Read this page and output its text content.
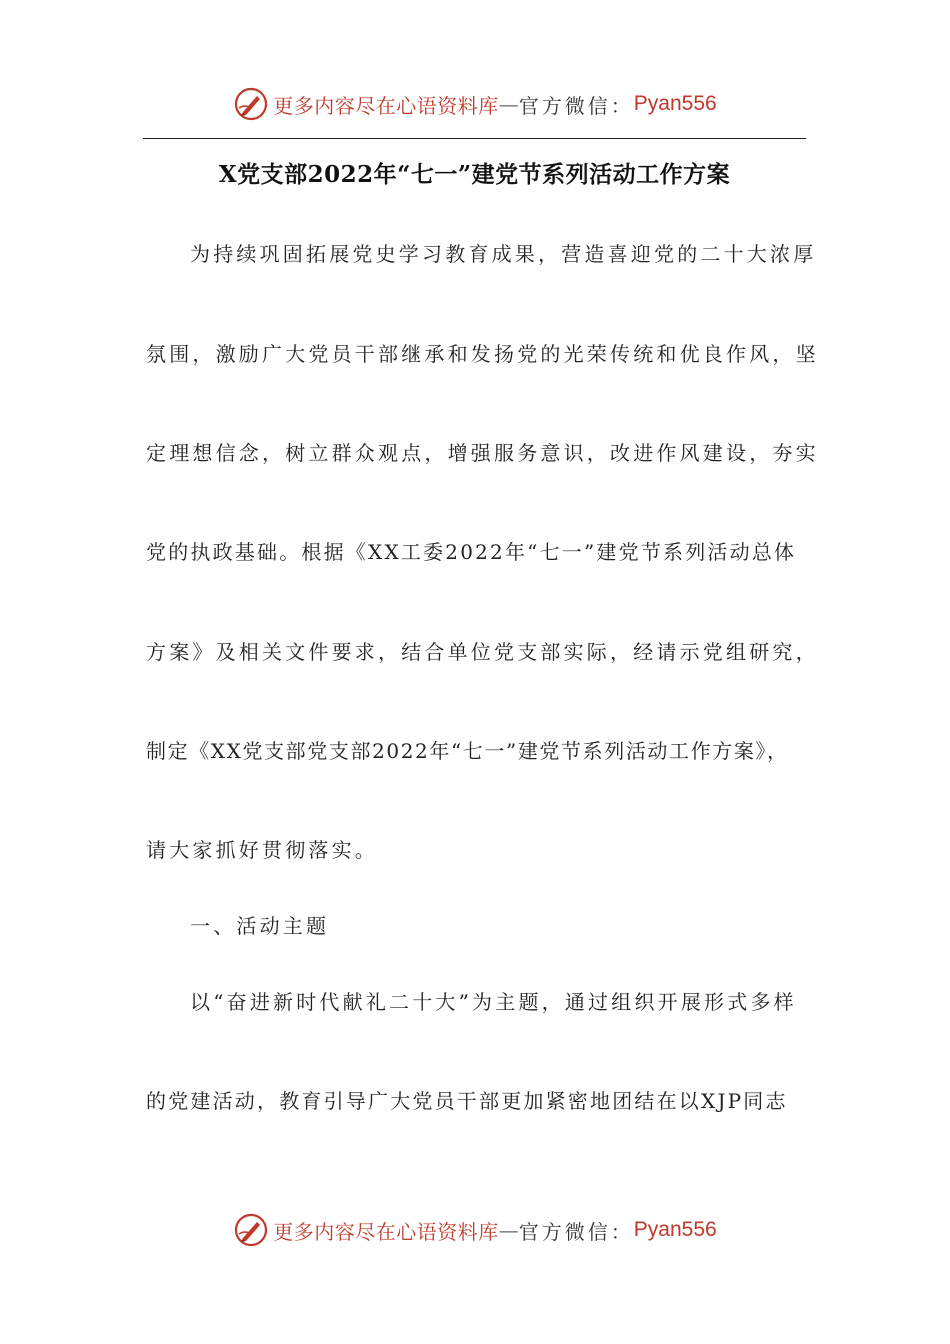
更多内容尽在心语资料库 — 官方微信： Pyan556
X党支部2022年“七一”建党节系列活动工作方案
为持续巩固拓展党史学习教育成果，营造喜迎党的二十大浓厚
氛围，激励广大党员干部继承和发扬党的光荣传统和优良作风，坚
定理想信念，树立群众观点，增强服务意识，改进作风建设，夯实
党的执政基础。根据《XX工委2022年“七一”建党节系列活动总体
方案》及相关文件要求，结合单位党支部实际，经请示党组研究，
制定《XX党支部党支部2022年“七一”建党节系列活动工作方案》，
请大家抓好贯彻落实。
一、活动主题
以“奋进新时代献礼二十大”为主题，通过组织开展形式多样
的党建活动，教育引导广大党员干部更加紧密地团结在以XJP同志
更多内容尽在心语资料库 — 官方微信： Pyan556
